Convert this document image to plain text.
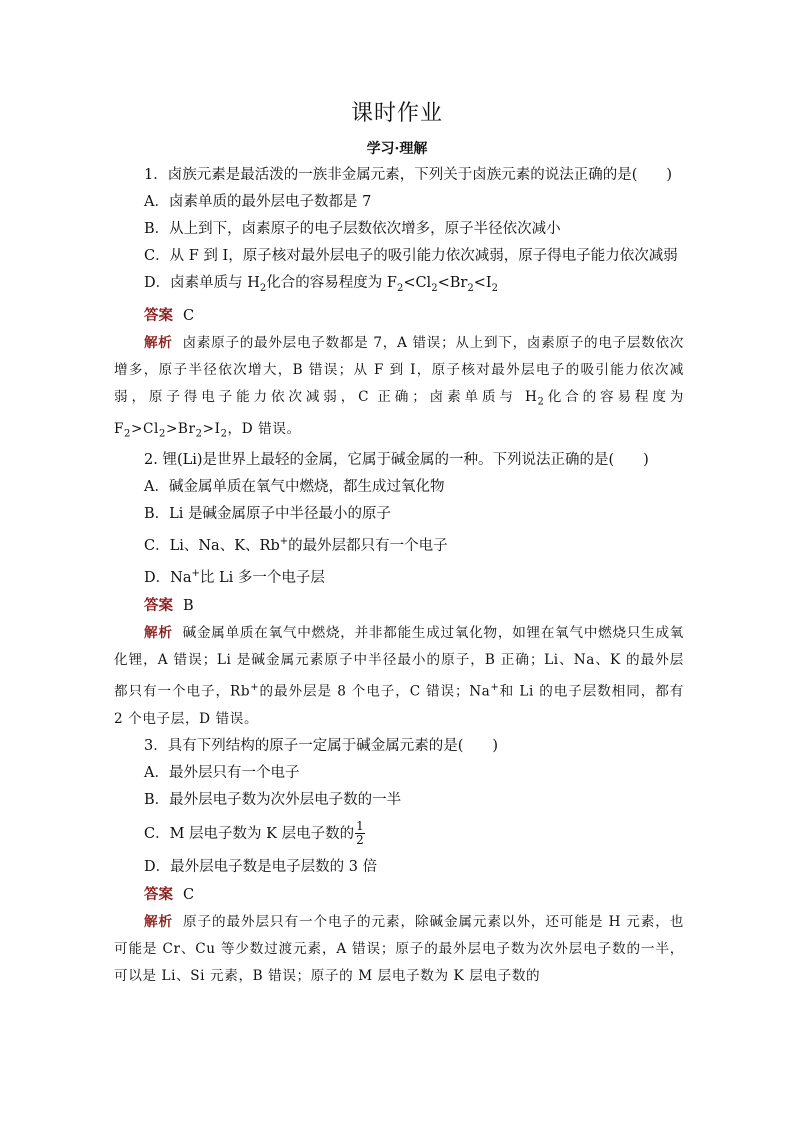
课时作业
学习·理解

1．卤族元素是最活泼的一族非金属元素，下列关于卤族元素的说法正确的是(　　)

A．卤素单质的最外层电子数都是 7

B．从上到下，卤素原子的电子层数依次增多，原子半径依次减小

C．从 F 到 I，原子核对最外层电子的吸引能力依次减弱，原子得电子能力依次减弱

D．卤素单质与 $H_2$化合的容易程度为 $F_2<Cl_2<Br_2<I_2$

答案 C

解析 卤素原子的最外层电子数都是 7，A 错误；从上到下，卤素原子的电子层数依次增多，原子半径依次增大，B 错误；从 F 到 I，原子核对最外层电子的吸引能力依次减弱，原子得电子能力依次减弱，C 正确；卤素单质与 $H_2$化合的容易程度为 $F_2>Cl_2>Br_2>I_2$，D 错误。

2. 锂(Li)是世界上最轻的金属，它属于碱金属的一种。下列说法正确的是(　　)

A．碱金属单质在氧气中燃烧，都生成过氧化物

B．Li 是碱金属原子中半径最小的原子

C．Li、Na、K、Rb+的最外层都只有一个电子

D．Na+比 Li 多一个电子层

答案 B

解析 碱金属单质在氧气中燃烧，并非都能生成过氧化物，如锂在氧气中燃烧只生成氧化锂，A 错误；Li 是碱金属元素原子中半径最小的原子，B 正确；Li、Na、K 的最外层都只有一个电子，Rb+的最外层是 8 个电子，C 错误；Na+和 Li 的电子层数相同，都有 2 个电子层，D 错误。

3．具有下列结构的原子一定属于碱金属元素的是(　　)

A．最外层只有一个电子

B．最外层电子数为次外层电子数的一半

C．M 层电子数为 K 层电子数的 $\frac{1}{2}$

D．最外层电子数是电子层数的 3 倍

答案 C

解析 原子的最外层只有一个电子的元素，除碱金属元素以外，还可能是 H 元素，也可能是 Cr、Cu 等少数过渡元素，A 错误；原子的最外层电子数为次外层电子数的一半，可以是 Li、Si 元素，B 错误；原子的 M 层电子数为 K 层电子数的
